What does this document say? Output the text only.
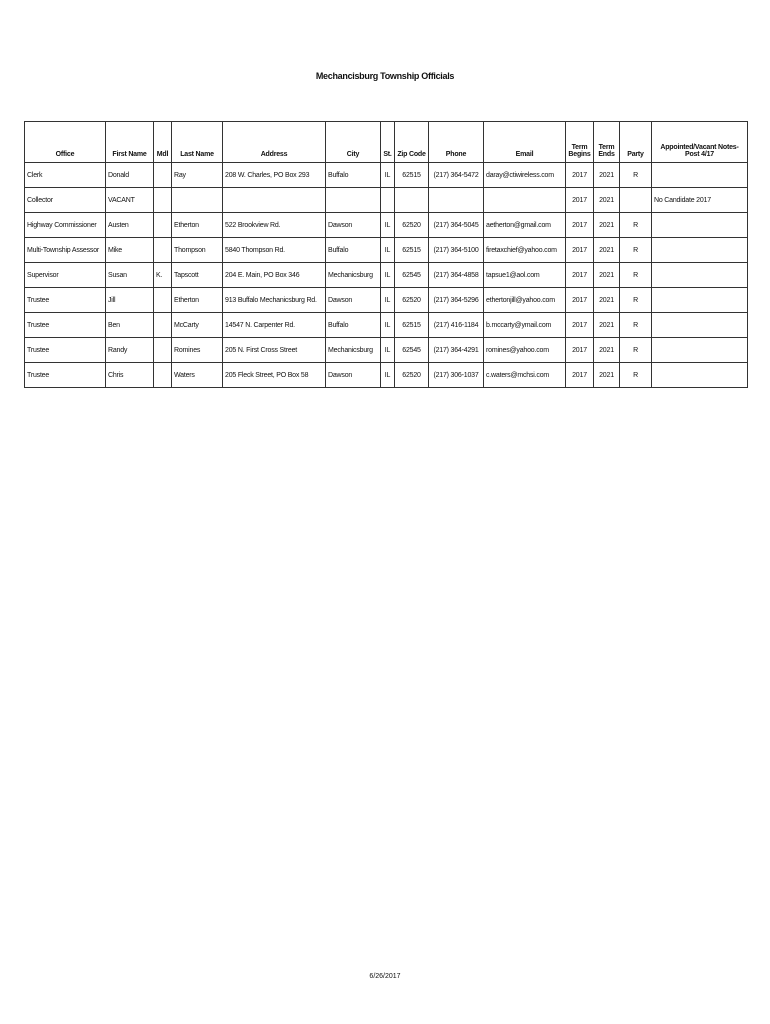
Mechancisburg Township Officials
Office	First Name	Mdl	Last Name	Address	City	St.	Zip Code	Phone	Email	Term Begins	Term Ends	Party	Appointed/Vacant Notes-Post 4/17
Clerk	Donald		Ray	208 W. Charles, PO Box 293	Buffalo	IL	62515	(217) 364-5472	daray@ctiwireless.com	2017	2021	R	
Collector	VACANT									2017	2021		No Candidate 2017
Highway Commissioner	Austen		Etherton	522 Brookview Rd.	Dawson	IL	62520	(217) 364-5045	aetherton@gmail.com	2017	2021	R	
Multi-Township Assessor	Mike		Thompson	5840 Thompson Rd.	Buffalo	IL	62515	(217) 364-5100	firetaxchief@yahoo.com	2017	2021	R	
Supervisor	Susan	K.	Tapscott	204 E. Main, PO Box 346	Mechanicsburg	IL	62545	(217) 364-4858	tapsue1@aol.com	2017	2021	R	
Trustee	Jill		Etherton	913 Buffalo Mechanicsburg Rd.	Dawson	IL	62520	(217) 364-5296	ethertonjill@yahoo.com	2017	2021	R	
Trustee	Ben		McCarty	14547 N. Carpenter Rd.	Buffalo	IL	62515	(217) 416-1184	b.mccarty@ymail.com	2017	2021	R	
Trustee	Randy		Romines	205 N. First Cross Street	Mechanicsburg	IL	62545	(217) 364-4291	romines@yahoo.com	2017	2021	R	
Trustee	Chris		Waters	205 Fleck Street, PO Box 58	Dawson	IL	62520	(217) 306-1037	c.waters@mchsi.com	2017	2021	R	
6/26/2017
